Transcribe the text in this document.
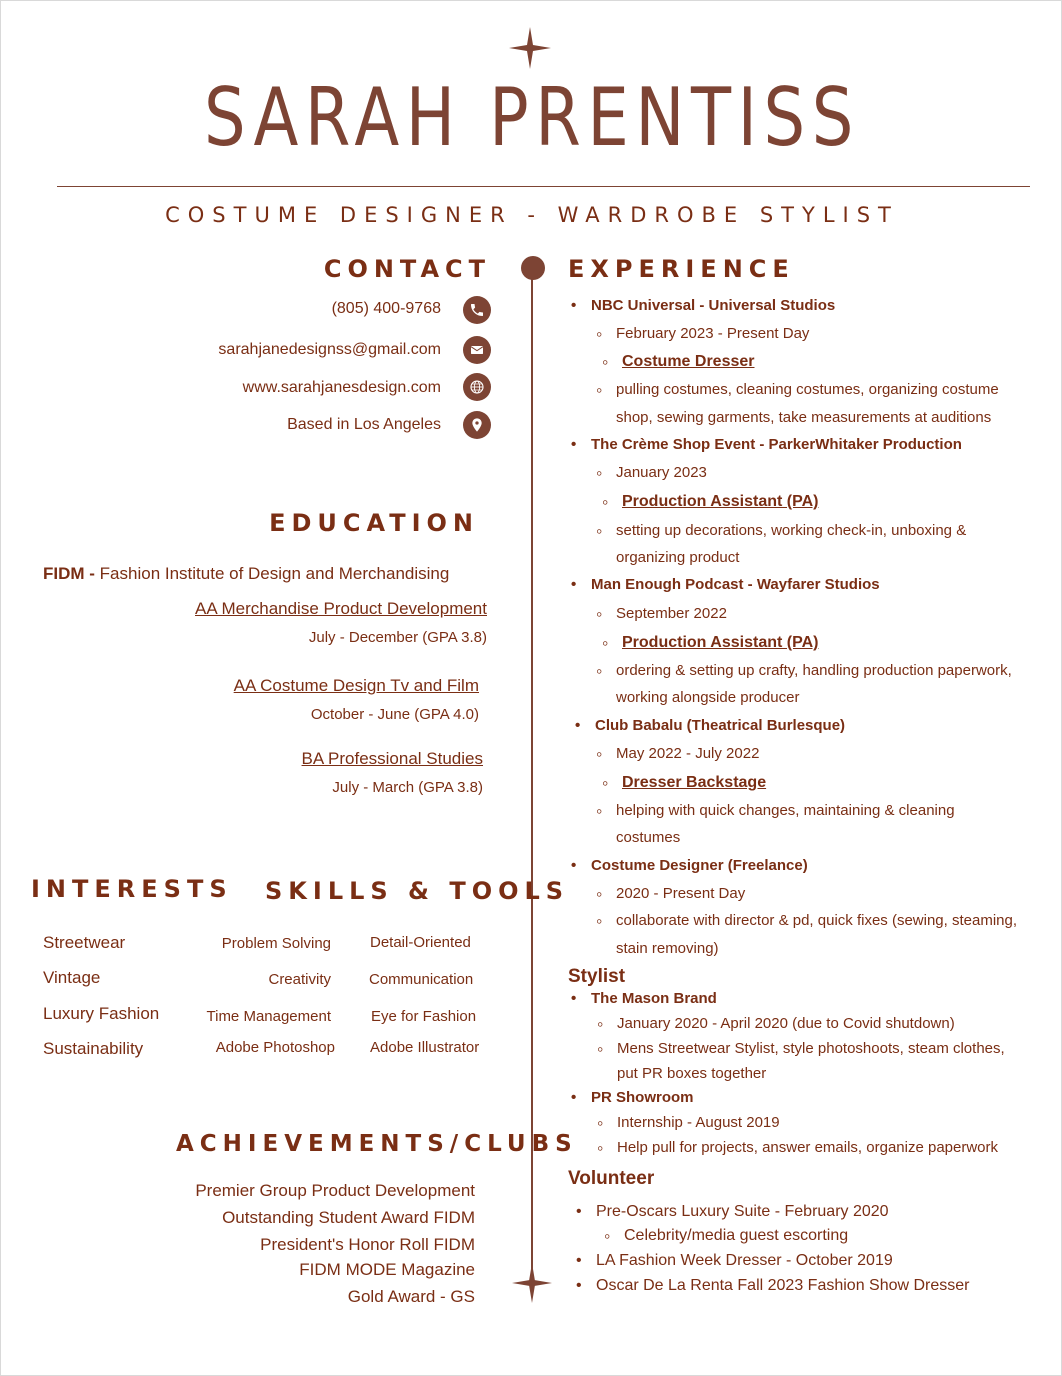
SARAH PRENTISS
COSTUME DESIGNER - WARDROBE STYLIST
CONTACT
(805) 400-9768
sarahjanedesignss@gmail.com
www.sarahjanesdesign.com
Based in Los Angeles
EDUCATION
FIDM - Fashion Institute of Design and Merchandising
AA Merchandise Product Development
July - December (GPA 3.8)
AA Costume Design Tv and Film
October - June (GPA 4.0)
BA Professional Studies
July - March (GPA 3.8)
INTERESTS
Streetwear
Vintage
Luxury Fashion
Sustainability
SKILLS & TOOLS
Problem Solving
Creativity
Time Management
Adobe Photoshop
Detail-Oriented
Communication
Eye for Fashion
Adobe Illustrator
ACHIEVEMENTS/CLUBS
Premier Group Product Development
Outstanding Student Award FIDM
President's Honor Roll FIDM
FIDM MODE Magazine
Gold Award - GS
EXPERIENCE
• NBC Universal - Universal Studios
◦ February 2023 - Present Day
◦ Costume Dresser
◦ pulling costumes, cleaning costumes, organizing costume
shop, sewing garments, take measurements at auditions
• The Crème Shop Event - ParkerWhitaker Production
◦ January 2023
◦ Production Assistant (PA)
◦ setting up decorations, working check-in, unboxing &
organizing product
• Man Enough Podcast - Wayfarer Studios
◦ September 2022
◦ Production Assistant (PA)
◦ ordering & setting up crafty, handling production paperwork,
working alongside producer
• Club Babalu (Theatrical Burlesque)
◦ May 2022 - July 2022
◦ Dresser Backstage
◦ helping with quick changes, maintaining & cleaning
costumes
• Costume Designer (Freelance)
◦ 2020 - Present Day
◦ collaborate with director & pd, quick fixes (sewing, steaming,
stain removing)
Stylist
• The Mason Brand
◦ January 2020 - April 2020 (due to Covid shutdown)
◦ Mens Streetwear Stylist, style photoshoots, steam clothes,
put PR boxes together
• PR Showroom
◦ Internship - August 2019
◦ Help pull for projects, answer emails, organize paperwork
Volunteer
• Pre-Oscars Luxury Suite - February 2020
◦ Celebrity/media guest escorting
• LA Fashion Week Dresser - October 2019
• Oscar De La Renta Fall 2023 Fashion Show Dresser
